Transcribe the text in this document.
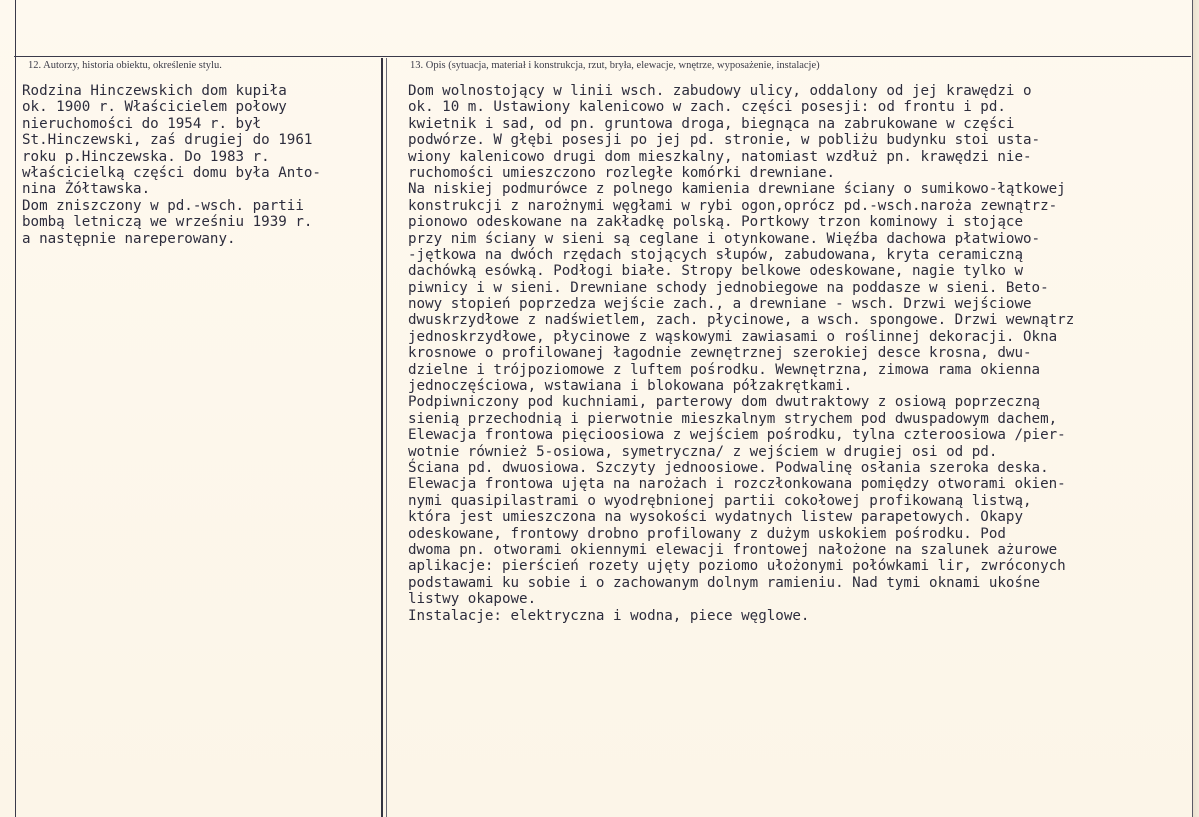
12. Autorzy, historia obiektu, określenie stylu.	13. Opis (sytuacja, materiał i konstrukcja, rzut, bryła, elewacje, wnętrze, wyposażenie, instalacje)
Rodzina Hinczewskich dom kupiła
ok. 1900 r. Właścicielem połowy
nieruchomości do 1954 r. był
St.Hinczewski, zaś drugiej do 1961
roku p.Hinczewska. Do 1983 r.
właścicielką części domu była Anto-
nina Żółtawska.
Dom zniszczony w pd.-wsch. partii
bombą letniczą we wrześniu 1939 r.
a następnie nareperowany.
Dom wolnostojący w linii wsch. zabudowy ulicy, oddalony od jej krawędzi o
ok. 10 m. Ustawiony kalenicowo w zach. części posesji: od frontu i pd.
kwietnik i sad, od pn. gruntowa droga, biegnąca na zabrukowane w części
podwórze. W głębi posesji po jej pd. stronie, w pobliżu budynku stoi usta-
wiony kalenicowo drugi dom mieszkalny, natomiast wzdłuż pn. krawędzi nie-
ruchomości umieszczono rozległe komórki drewniane.
Na niskiej podmurówce z polnego kamienia drewniane ściany o sumikowo-łątkowej
konstrukcji z narożnymi węgłami w rybi ogon,oprócz pd.-wsch.naroża zewnątrz-
pionowo odeskowane na zakładkę polską. Portkowy trzon kominowy i stojące
przy nim ściany w sieni są ceglane i otynkowane. Więźba dachowa płatwiowo-
-jętkowa na dwóch rzędach stojących słupów, zabudowana, kryta ceramiczną
dachówką esówką. Podłogi białe. Stropy belkowe odeskowane, nagie tylko w
piwnicy i w sieni. Drewniane schody jednobiegowe na poddasze w sieni. Beto-
nowy stopień poprzedza wejście zach., a drewniane - wsch. Drzwi wejściowe
dwuskrzydłowe z nadświetlem, zach. płycinowe, a wsch. spongowe. Drzwi wewnątrz
jednoskrzydłowe, płycinowe z wąskowymi zawiasami o roślinnej dekoracji. Okna
krosnowe o profilowanej łagodnie zewnętrznej szerokiej desce krosna, dwu-
dzielne i trójpoziomowe z luftem pośrodku. Wewnętrzna, zimowa rama okienna
jednoczęściowa, wstawiana i blokowana półzakrętkami.
Podpiwniczony pod kuchniami, parterowy dom dwutraktowy z osiową poprzeczną
sienią przechodnią i pierwotnie mieszkalnym strychem pod dwuspadowym dachem,
Elewacja frontowa pięcioosiowa z wejściem pośrodku, tylna czteroosiowa /pier-
wotnie również 5-osiowa, symetryczna/ z wejściem w drugiej osi od pd.
Ściana pd. dwuosiowa. Szczyty jednoosiowe. Podwalinę osłania szeroka deska.
Elewacja frontowa ujęta na narożach i rozczłonkowana pomiędzy otworami okien-
nymi quasipilastrami o wyodrębnionej partii cokołowej profikowaną listwą,
która jest umieszczona na wysokości wydatnych listew parapetowych. Okapy
odeskowane, frontowy drobno profilowany z dużym uskokiem pośrodku. Pod
dwoma pn. otworami okiennymi elewacji frontowej nałożone na szalunek ażurowe
aplikacje: pierścień rozety ujęty poziomo ułożonymi połówkami lir, zwróconych
podstawami ku sobie i o zachowanym dolnym ramieniu. Nad tymi oknami ukośne
listwy okapowe.
Instalacje: elektryczna i wodna, piece węglowe.
